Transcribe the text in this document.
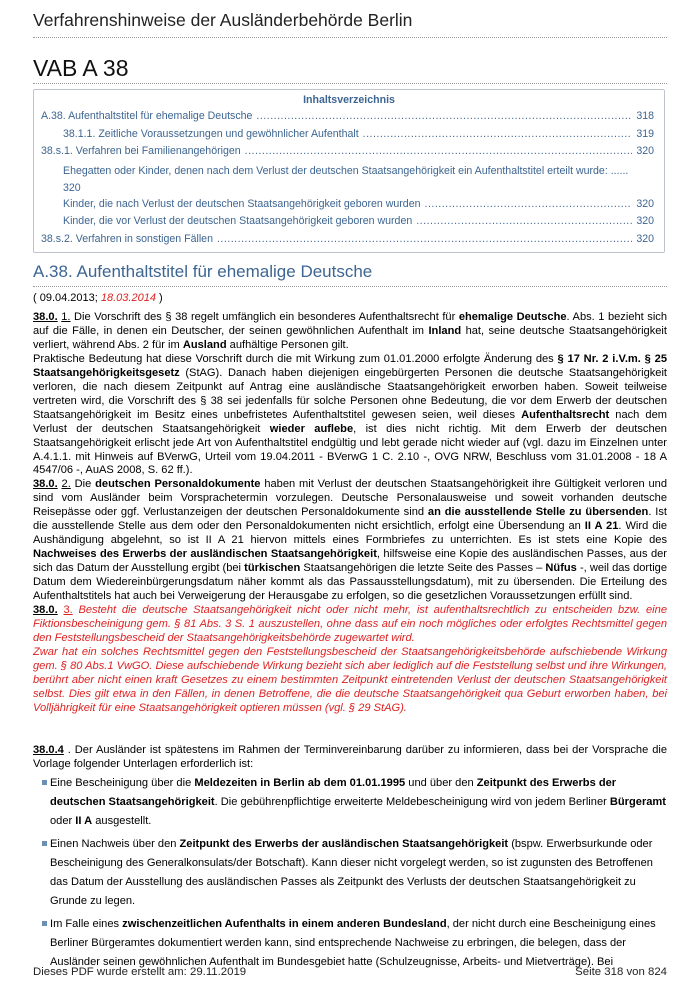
Verfahrenshinweise der Ausländerbehörde Berlin
VAB A 38
Inhaltsverzeichnis
A.38. Aufenthaltstitel für ehemalige Deutsche .....	318
38.1.1. Zeitliche Voraussetzungen und gewöhnlicher Aufenthalt .....	319
38.s.1. Verfahren bei Familienangehörigen .....	320
Ehegatten oder Kinder, denen nach dem Verlust der deutschen Staatsangehörigkeit ein Aufenthaltstitel erteilt wurde: ......
320
Kinder, die nach Verlust der deutschen Staatsangehörigkeit geboren wurden .....	320
Kinder, die vor Verlust der deutschen Staatsangehörigkeit geboren wurden .....	320
38.s.2. Verfahren in sonstigen Fällen .....	320
A.38. Aufenthaltstitel für ehemalige Deutsche
( 09.04.2013; 18.03.2014 )

38.0. 1. Die Vorschrift des § 38 regelt umfänglich ein besonderes Aufenthaltsrecht für ehemalige Deutsche. Abs. 1 bezieht sich auf die Fälle, in denen ein Deutscher, der seinen gewöhnlichen Aufenthalt im Inland hat, seine deutsche Staatsangehörigkeit verliert, während Abs. 2 für im Ausland aufhältige Personen gilt.

Praktische Bedeutung hat diese Vorschrift durch die mit Wirkung zum 01.01.2000 erfolgte Änderung des § 17 Nr. 2 i.V.m. § 25 Staatsangehörigkeitsgesetz (StAG). Danach haben diejenigen eingebürgerten Personen die deutsche Staatsangehörigkeit verloren, die nach diesem Zeitpunkt auf Antrag eine ausländische Staatsangehörigkeit erworben haben. Soweit teilweise vertreten wird, die Vorschrift des § 38 sei jedenfalls für solche Personen ohne Bedeutung, die vor dem Erwerb der deutschen Staatsangehörigkeit im Besitz eines unbefristetes Aufenthaltstitel gewesen seien, weil dieses Aufenthaltsrecht nach dem Verlust der deutschen Staatsangehörigkeit wieder auflebe, ist dies nicht richtig. Mit dem Erwerb der deutschen Staatsangehörigkeit erlischt jede Art von Aufenthaltstitel endgültig und lebt gerade nicht wieder auf (vgl. dazu im Einzelnen unter A.4.1.1. mit Hinweis auf BVerwG, Urteil vom 19.04.2011 - BVerwG 1 C. 2.10 -, OVG NRW, Beschluss vom 31.01.2008 - 18 A 4547/06 -, AuAS 2008, S. 62 ff.).

38.0. 2. Die deutschen Personaldokumente haben mit Verlust der deutschen Staatsangehörigkeit ihre Gültigkeit verloren und sind vom Ausländer beim Vorsprachetermin vorzulegen. Deutsche Personalausweise und soweit vorhanden deutsche Reisepässe oder ggf. Verlustanzeigen der deutschen Personaldokumente sind an die ausstellende Stelle zu übersenden. Ist die ausstellende Stelle aus dem oder den Personaldokumenten nicht ersichtlich, erfolgt eine Übersendung an II A 21. Wird die Aushändigung abgelehnt, so ist II A 21 hiervon mittels eines Formbriefes zu unterrichten. Es ist stets eine Kopie des Nachweises des Erwerbs der ausländischen Staatsangehörigkeit, hilfsweise eine Kopie des ausländischen Passes, aus der sich das Datum der Ausstellung ergibt (bei türkischen Staatsangehörigen die letzte Seite des Passes – Nüfus -, weil das dortige Datum dem Wiedereinbürgerungsdatum näher kommt als das Passausstellungsdatum), mit zu übersenden. Die Erteilung des Aufenthaltstitels hat auch bei Verweigerung der Herausgabe zu erfolgen, so die gesetzlichen Voraussetzungen erfüllt sind.

38.0. 3. Besteht die deutsche Staatsangehörigkeit nicht oder nicht mehr, ist aufenthaltsrechtlich zu entscheiden bzw. eine Fiktionsbescheinigung gem. § 81 Abs. 3 S. 1 auszustellen, ohne dass auf ein noch mögliches oder erfolgtes Rechtsmittel gegen den Feststellungsbescheid der Staatsangehörigkeitsbehörde zugewartet wird.

Zwar hat ein solches Rechtsmittel gegen den Feststellungsbescheid der Staatsangehörigkeitsbehörde aufschiebende Wirkung gem. § 80 Abs.1 VwGO. Diese aufschiebende Wirkung bezieht sich aber lediglich auf die Feststellung selbst und ihre Wirkungen, berührt aber nicht einen kraft Gesetzes zu einem bestimmten Zeitpunkt eintretenden Verlust der deutschen Staatsangehörigkeit selbst. Dies gilt etwa in den Fällen, in denen Betroffene, die die deutsche Staatsangehörigkeit qua Geburt erworben haben, bei Volljährigkeit für eine Staatsangehörigkeit optieren müssen (vgl. § 29 StAG).

38.0.4 . Der Ausländer ist spätestens im Rahmen der Terminvereinbarung darüber zu informieren, dass bei der Vorsprache die Vorlage folgender Unterlagen erforderlich ist:

Eine Bescheinigung über die Meldezeiten in Berlin ab dem 01.01.1995 und über den Zeitpunkt des Erwerbs der deutschen Staatsangehörigkeit. Die gebührenpflichtige erweiterte Meldebescheinigung wird von jedem Berliner Bürgeramt oder II A ausgestellt.
Einen Nachweis über den Zeitpunkt des Erwerbs der ausländischen Staatsangehörigkeit (bspw. Erwerbsurkunde oder Bescheinigung des Generalkonsulats/der Botschaft). Kann dieser nicht vorgelegt werden, so ist zugunsten des Betroffenen das Datum der Ausstellung des ausländischen Passes als Zeitpunkt des Verlusts der deutschen Staatsangehörigkeit zu Grunde zu legen.
Im Falle eines zwischenzeitlichen Aufenthalts in einem anderen Bundesland, der nicht durch eine Bescheinigung eines Berliner Bürgeramtes dokumentiert werden kann, sind entsprechende Nachweise zu erbringen, die belegen, dass der Ausländer seinen gewöhnlichen Aufenthalt im Bundesgebiet hatte (Schulzeugnisse, Arbeits- und Mietverträge). Bei
Dieses PDF wurde erstellt am: 29.11.2019	Seite 318 von 824
